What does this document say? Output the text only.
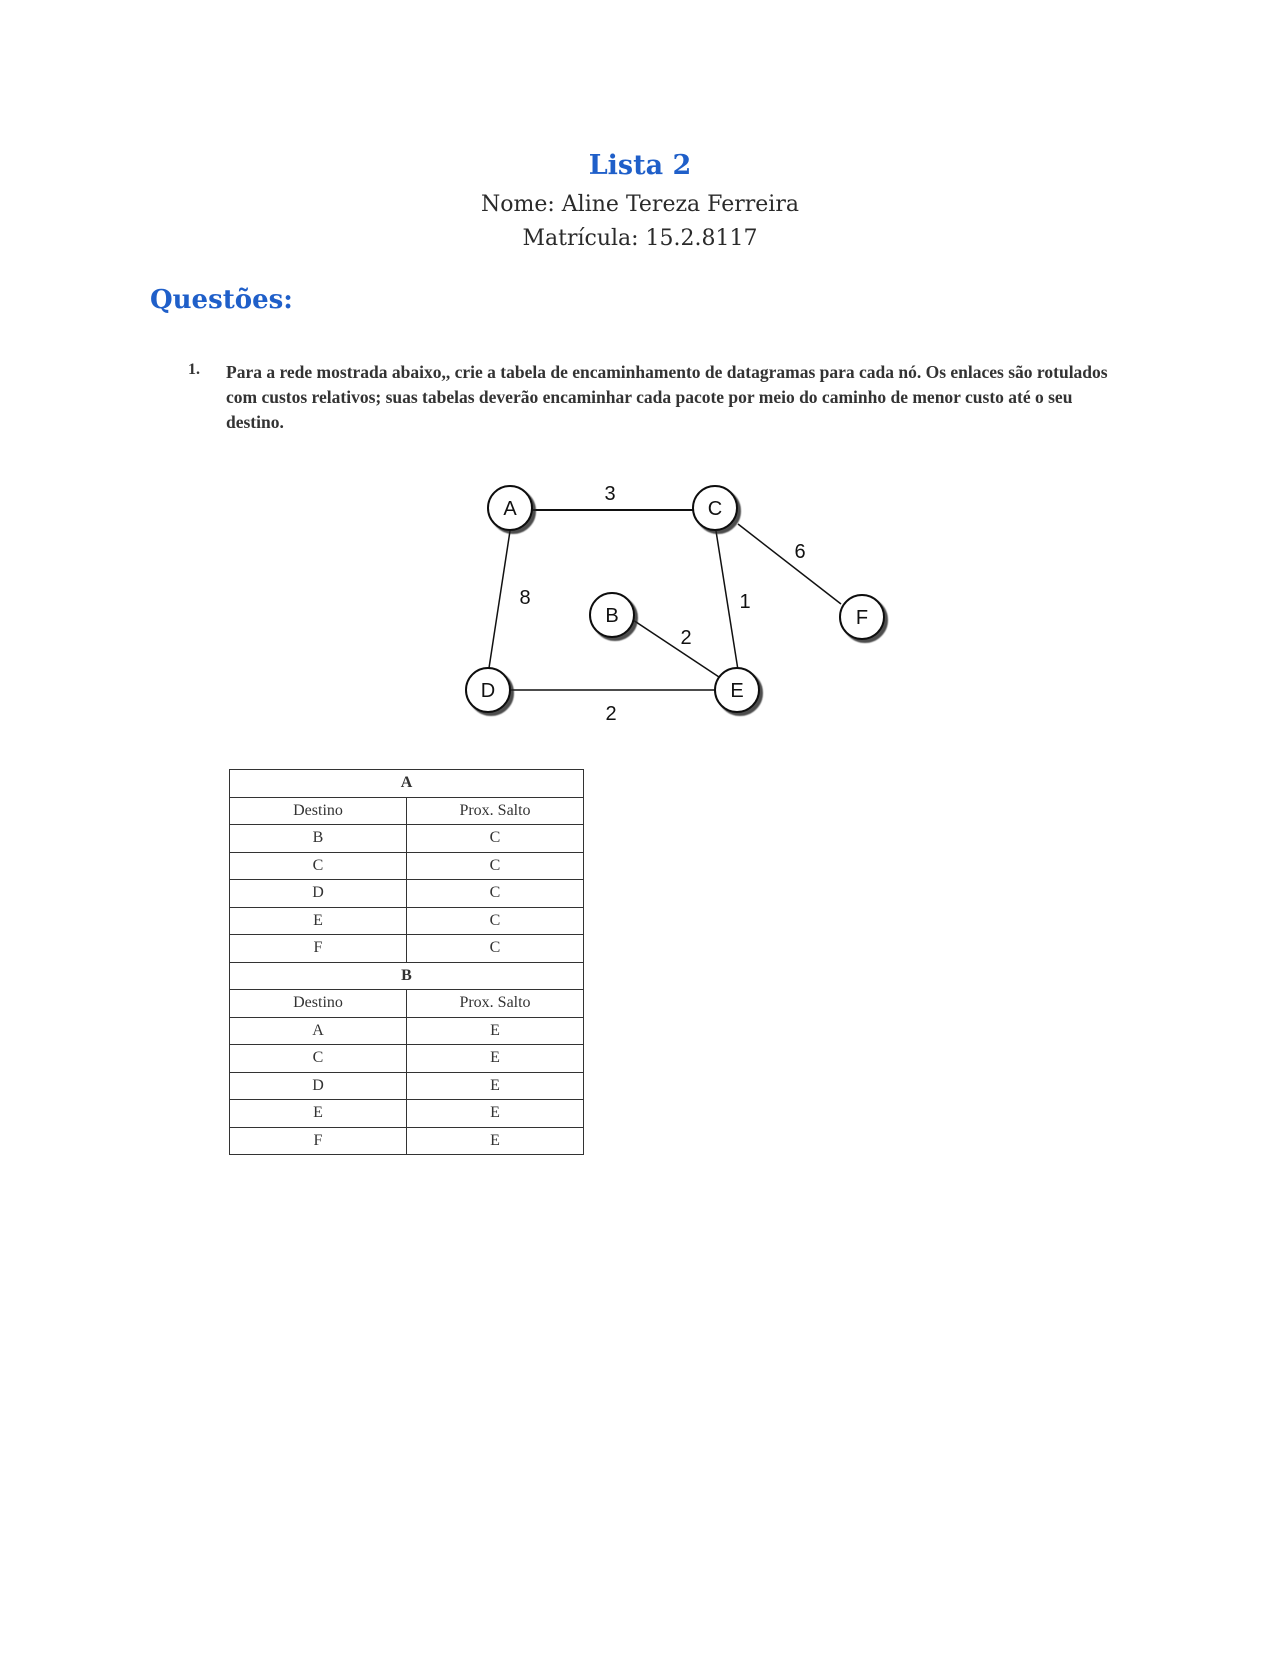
Lista 2
Nome: Aline Tereza Ferreira
Matrícula: 15.2.8117
Questões:
1. Para a rede mostrada abaixo,, crie a tabela de encaminhamento de datagramas para cada nó. Os enlaces são rotulados com custos relativos; suas tabelas deverão encaminhar cada pacote por meio do caminho de menor custo até o seu destino.
3
8
6
1
2
2
A	C
B	F
D	E
A	
Destino	Prox. Salto
B	C
C	C
D	C
E	C
F	C
B	
Destino	Prox. Salto
A	E
C	E
D	E
E	E
F	E
